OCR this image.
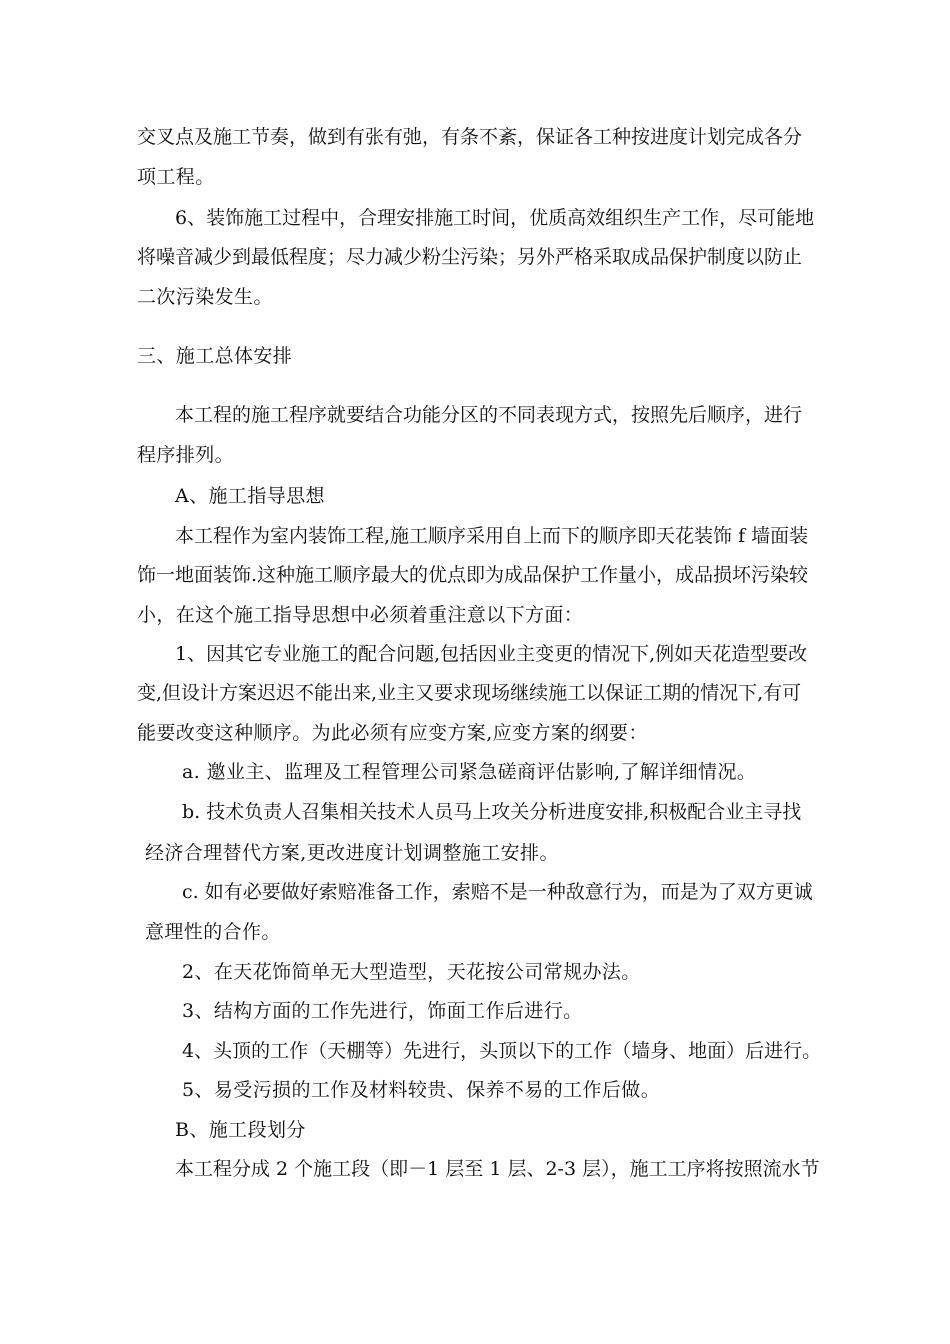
交叉点及施工节奏，做到有张有弛，有条不紊，保证各工种按进度计划完成各分
项工程。
6、装饰施工过程中，合理安排施工时间，优质高效组织生产工作，尽可能地
将噪音减少到最低程度；尽力减少粉尘污染；另外严格采取成品保护制度以防止
二次污染发生。
三、施工总体安排
本工程的施工程序就要结合功能分区的不同表现方式，按照先后顺序，进行
程序排列。
A、施工指导思想
本工程作为室内装饰工程,施工顺序采用自上而下的顺序即天花装饰 f 墙面装
饰一地面装饰.这种施工顺序最大的优点即为成品保护工作量小，成品损坏污染较
小，在这个施工指导思想中必须着重注意以下方面：
1、因其它专业施工的配合问题,包括因业主变更的情况下,例如天花造型要改
变,但设计方案迟迟不能出来,业主又要求现场继续施工以保证工期的情况下,有可
能要改变这种顺序。为此必须有应变方案,应变方案的纲要：
a. 邀业主、监理及工程管理公司紧急磋商评估影响,了解详细情况。
b. 技术负责人召集相关技术人员马上攻关分析进度安排,积极配合业主寻找
经济合理替代方案,更改进度计划调整施工安排。
c. 如有必要做好索赔准备工作，索赔不是一种敌意行为，而是为了双方更诚
意理性的合作。
2、在天花饰简单无大型造型，天花按公司常规办法。
3、结构方面的工作先进行，饰面工作后进行。
4、头顶的工作（天棚等）先进行，头顶以下的工作（墙身、地面）后进行。
5、易受污损的工作及材料较贵、保养不易的工作后做。
B、施工段划分
本工程分成 2 个施工段（即－1 层至 1 层、2-3 层），施工工序将按照流水节
